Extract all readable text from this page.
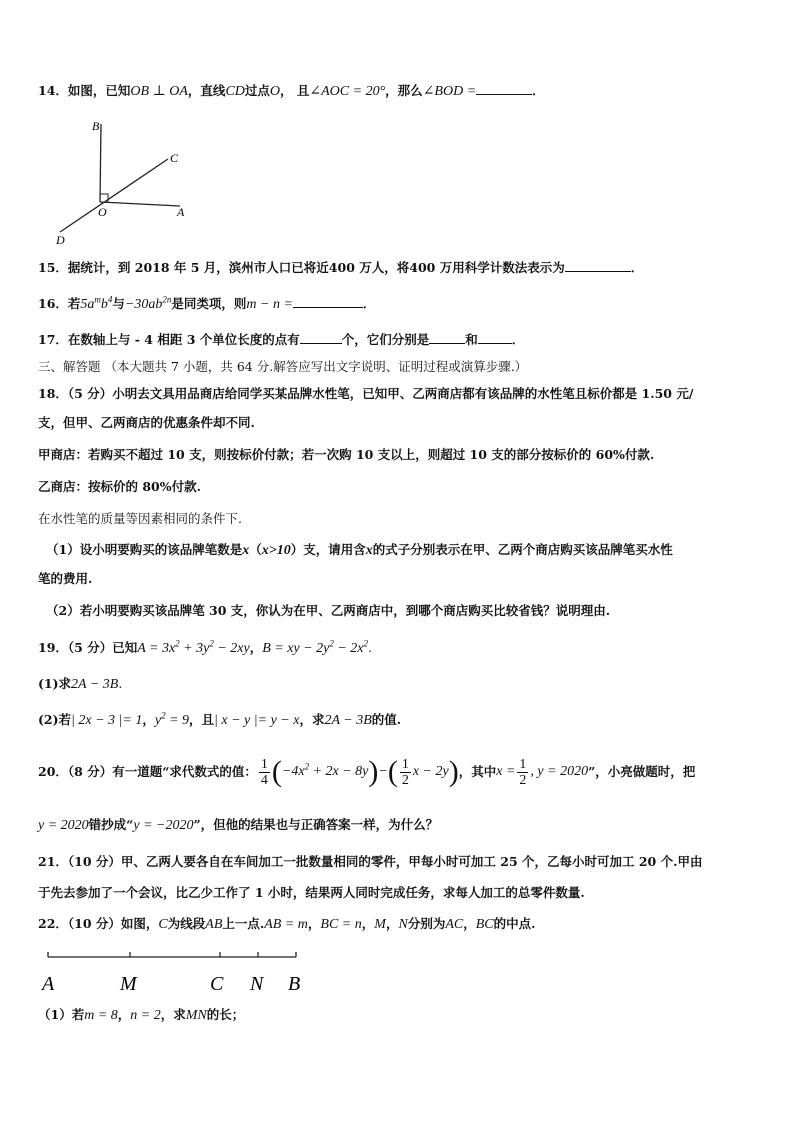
14．如图，已知OB ⊥ OA，直线CD过点O， 且∠AOC = 20°，那么∠BOD =	．
B
C
O	A
D
15．据统计，到 2018 年 5 月，滨州市人口已将近400 万人，将400 万用科学计数法表示为	．
16．若$5a^mb^4$与$-30ab^{2n}$是同类项，则m − n =	．
17．在数轴上与 - 4 相距 3 个单位长度的点有	个，它们分别是	和	．
三、解答题 （本大题共 7 小题，共 64 分.解答应写出文字说明、证明过程或演算步骤.）
18．（5 分）小明去文具用品商店给同学买某品牌水性笔，已知甲、乙两商店都有该品牌的水性笔且标价都是 1.50 元/
支，但甲、乙两商店的优惠条件却不同.
甲商店：若购买不超过 10 支，则按标价付款；若一次购 10 支以上，则超过 10 支的部分按标价的 60%付款.
乙商店：按标价的 80%付款.
在水性笔的质量等因素相同的条件下.
（1）设小明要购买的该品牌笔数是x（x>10）支，请用含x的式子分别表示在甲、乙两个商店购买该品牌笔买水性
笔的费用.
（2）若小明要购买该品牌笔 30 支，你认为在甲、乙两商店中，到哪个商店购买比较省钱？说明理由.
19．（5 分）已知$A = 3x^2 + 3y^2 - 2xy$，B = xy − $2y^2 - 2x^2$.
(1)求2A − 3B.
(2)若| 2x − 3 |= 1，$y^2 = 9$，且| x − y |= y − x，求2A − 3B的值.
20．（8 分）有一道题“求代数式的值： $\frac{1}{4}$ ( $-4x^2 + 2x - 8y$ ) − ( $\frac{1}{2}$ x − 2y ) ，其中 $x = \frac{1}{2}$ , y = 2020 ”，小亮做题时，把
y = 2020错抄成“y = −2020”，但他的结果也与正确答案一样，为什么？
21．（10 分）甲、乙两人要各自在车间加工一批数量相同的零件，甲每小时可加工 25 个，乙每小时可加工 20 个.甲由
于先去参加了一个会议，比乙少工作了 1 小时，结果两人同时完成任务，求每人加工的总零件数量.
22．（10 分）如图，C为线段AB上一点.AB = m，BC = n，M，N分别为AC，BC的中点.
A	M	C N B
（1）若m = 8，n = 2，求MN的长；
